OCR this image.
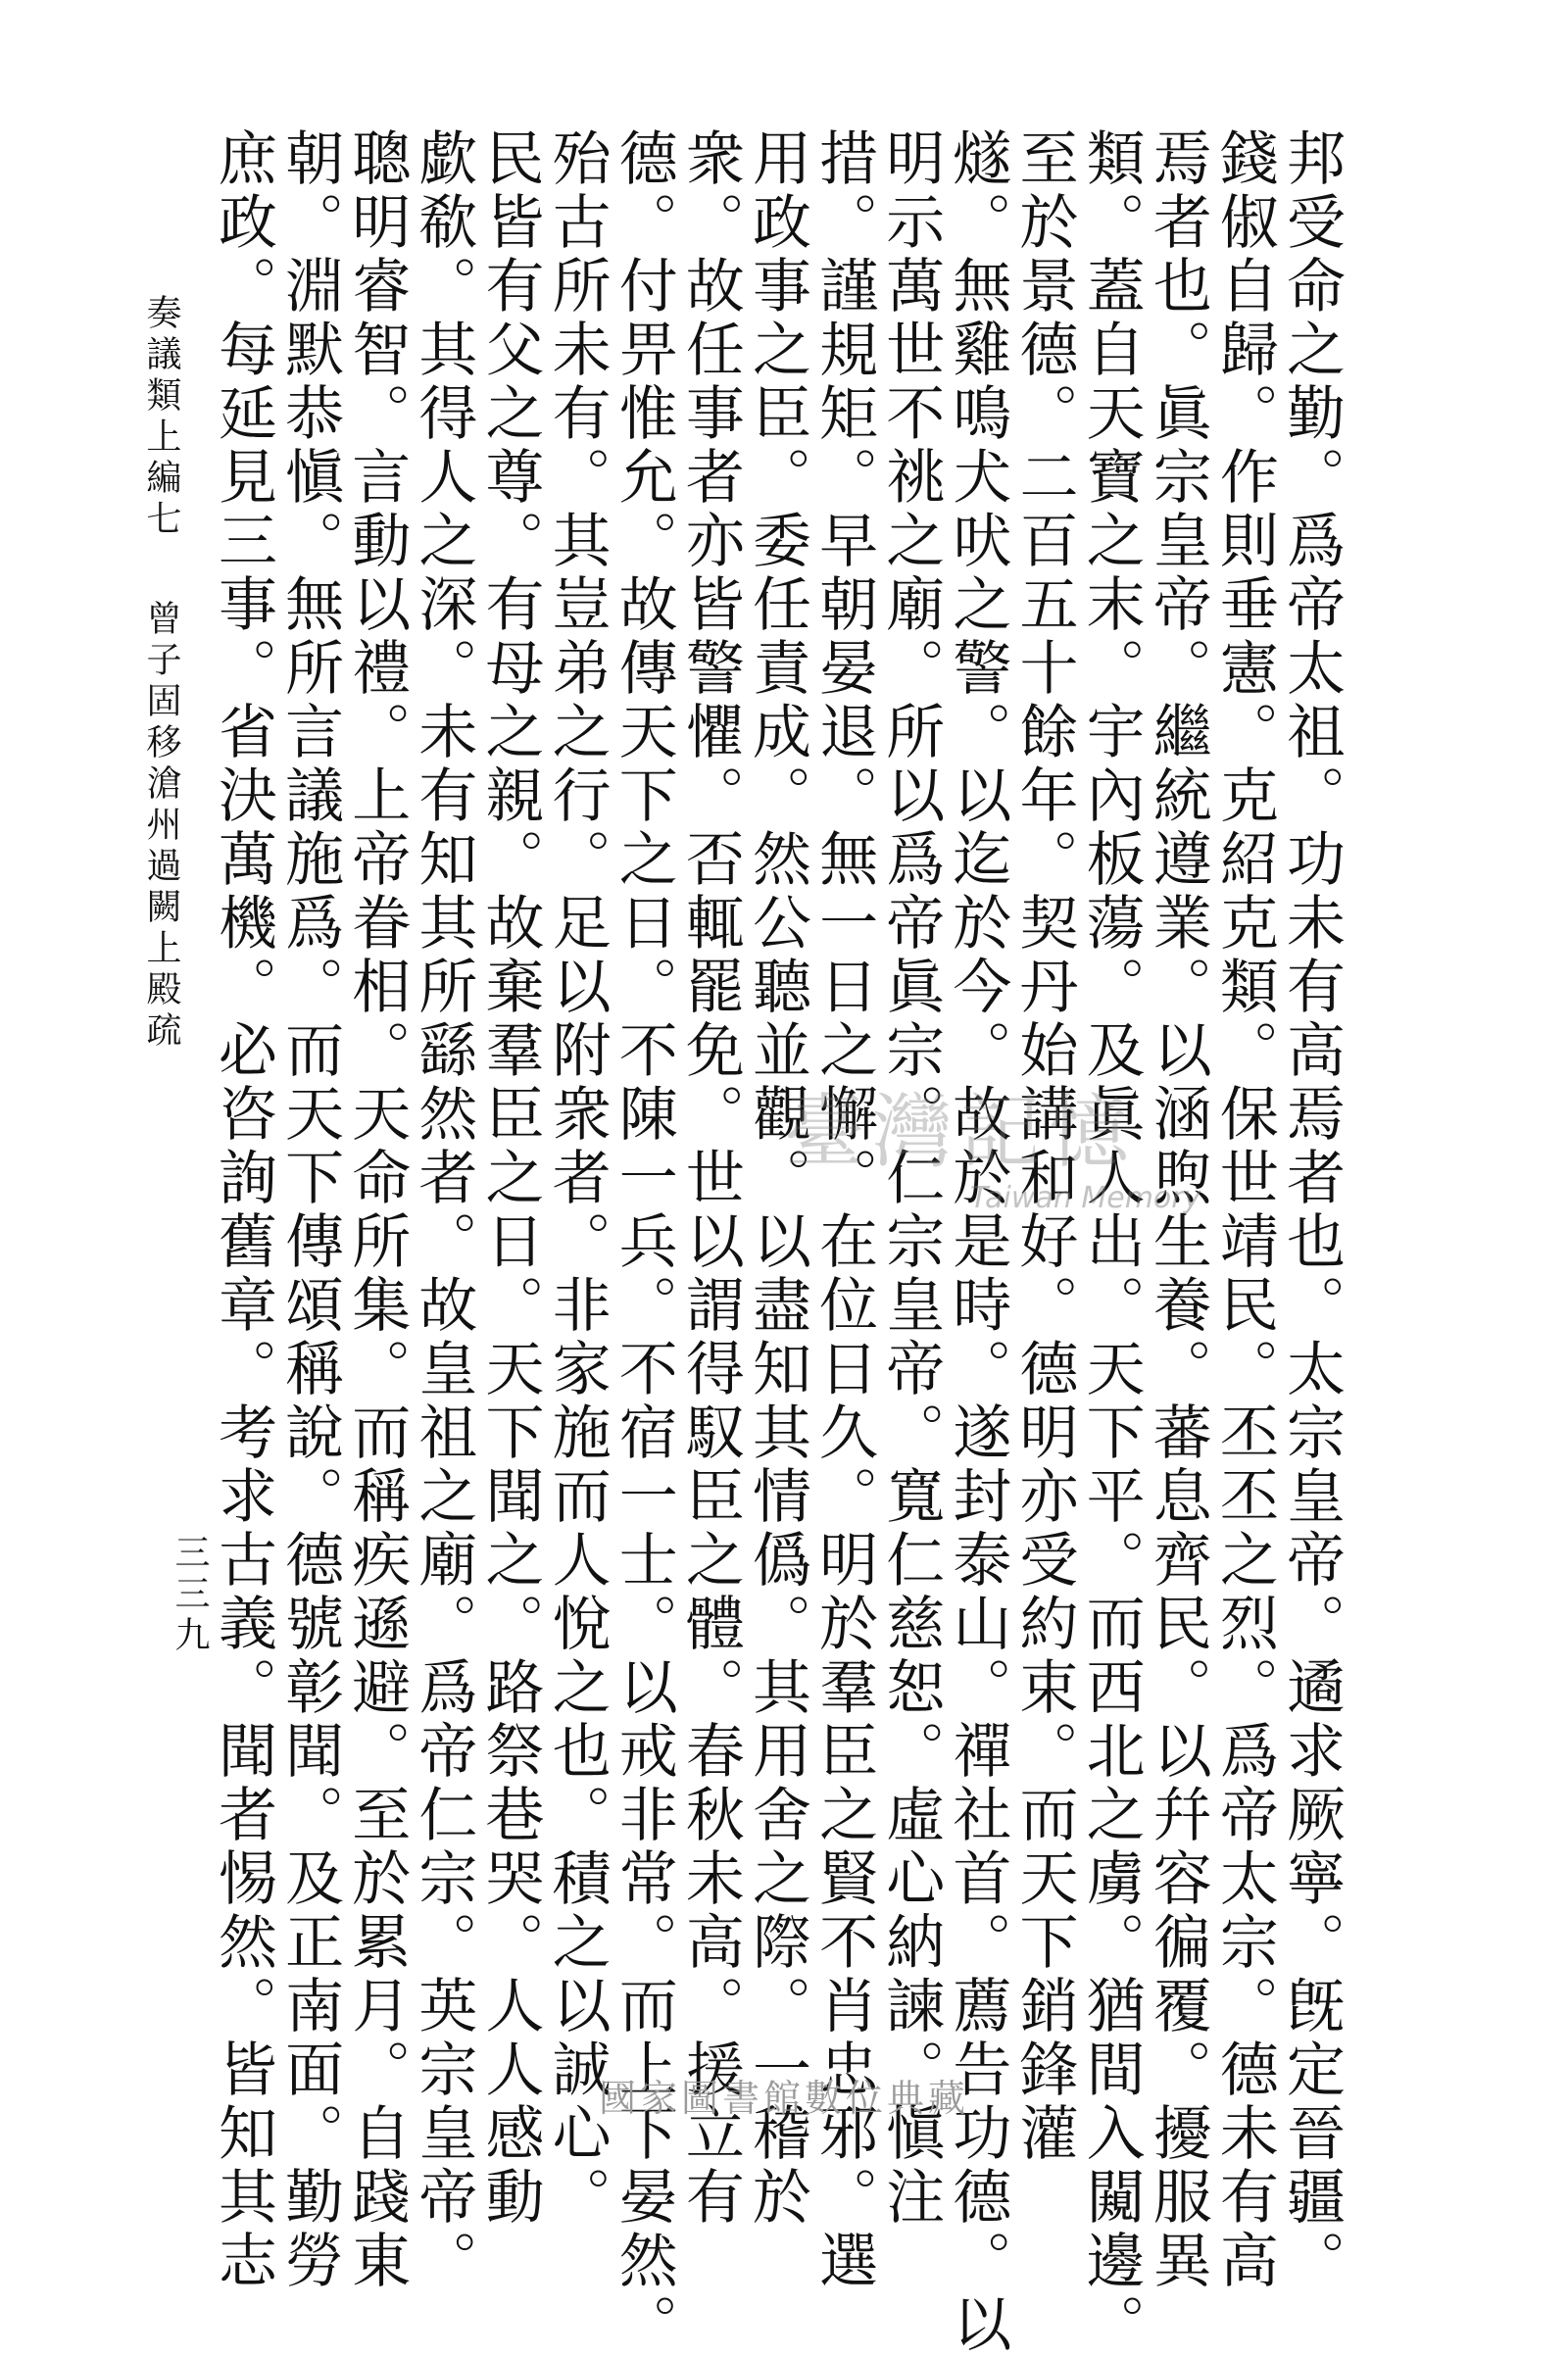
邦受命之勤。爲帝太祖。功未有高焉者也。太宗皇帝。遹求厥寧。旣定晉疆。
錢俶自歸。作則垂憲。克紹克類。保世靖民。丕丕之烈。爲帝太宗。德未有高
焉者也。眞宗皇帝。繼統遵業。以涵煦生養。蕃息齊民。以幷容徧覆。擾服異
類。蓋自天寶之末。宇內板蕩。及眞人出。天下平。而西北之虜。猶間入闚邊。
至於景德。二百五十餘年。契丹始講和好。德明亦受約束。而天下銷鋒灌
燧。無雞鳴犬吠之警。以迄於今。故於是時。遂封泰山。禪社首。薦告功德。以
明示萬世不祧之廟。所以爲帝眞宗。仁宗皇帝。寬仁慈恕。虛心納諫。愼注
措。謹規矩。早朝晏退。無一日之懈。在位日久。明於羣臣之賢不肖忠邪。選
用政事之臣。委任責成。然公聽並觀。以盡知其情僞。其用舍之際。一稽於
衆。故任事者亦皆警懼。否輒罷免。世以謂得馭臣之體。春秋未高。援立有
德。付畀惟允。故傳天下之日。不陳一兵。不宿一士。以戒非常。而上下晏然。
殆古所未有。其豈弟之行。足以附衆者。非家施而人悅之也。積之以誠心。
民皆有父之尊。有母之親。故棄羣臣之日。天下聞之。路祭巷哭。人人感動
歔欷。其得人之深。未有知其所繇然者。故皇祖之廟。爲帝仁宗。英宗皇帝。
聰明睿智。言動以禮。上帝眷相。天命所集。而稱疾遜避。至於累月。自踐東
朝。淵默恭愼。無所言議施爲。而天下傳頌稱說。德號彰聞。及正南面。勤勞
庶政。每延見三事。省決萬機。必咨詢舊章。考求古義。聞者惕然。皆知其志
奏議類上編七曾子固移滄州過闕上殿疏
三三九
臺灣記憶
Taiwan Memory
國家圖書館數位典藏
